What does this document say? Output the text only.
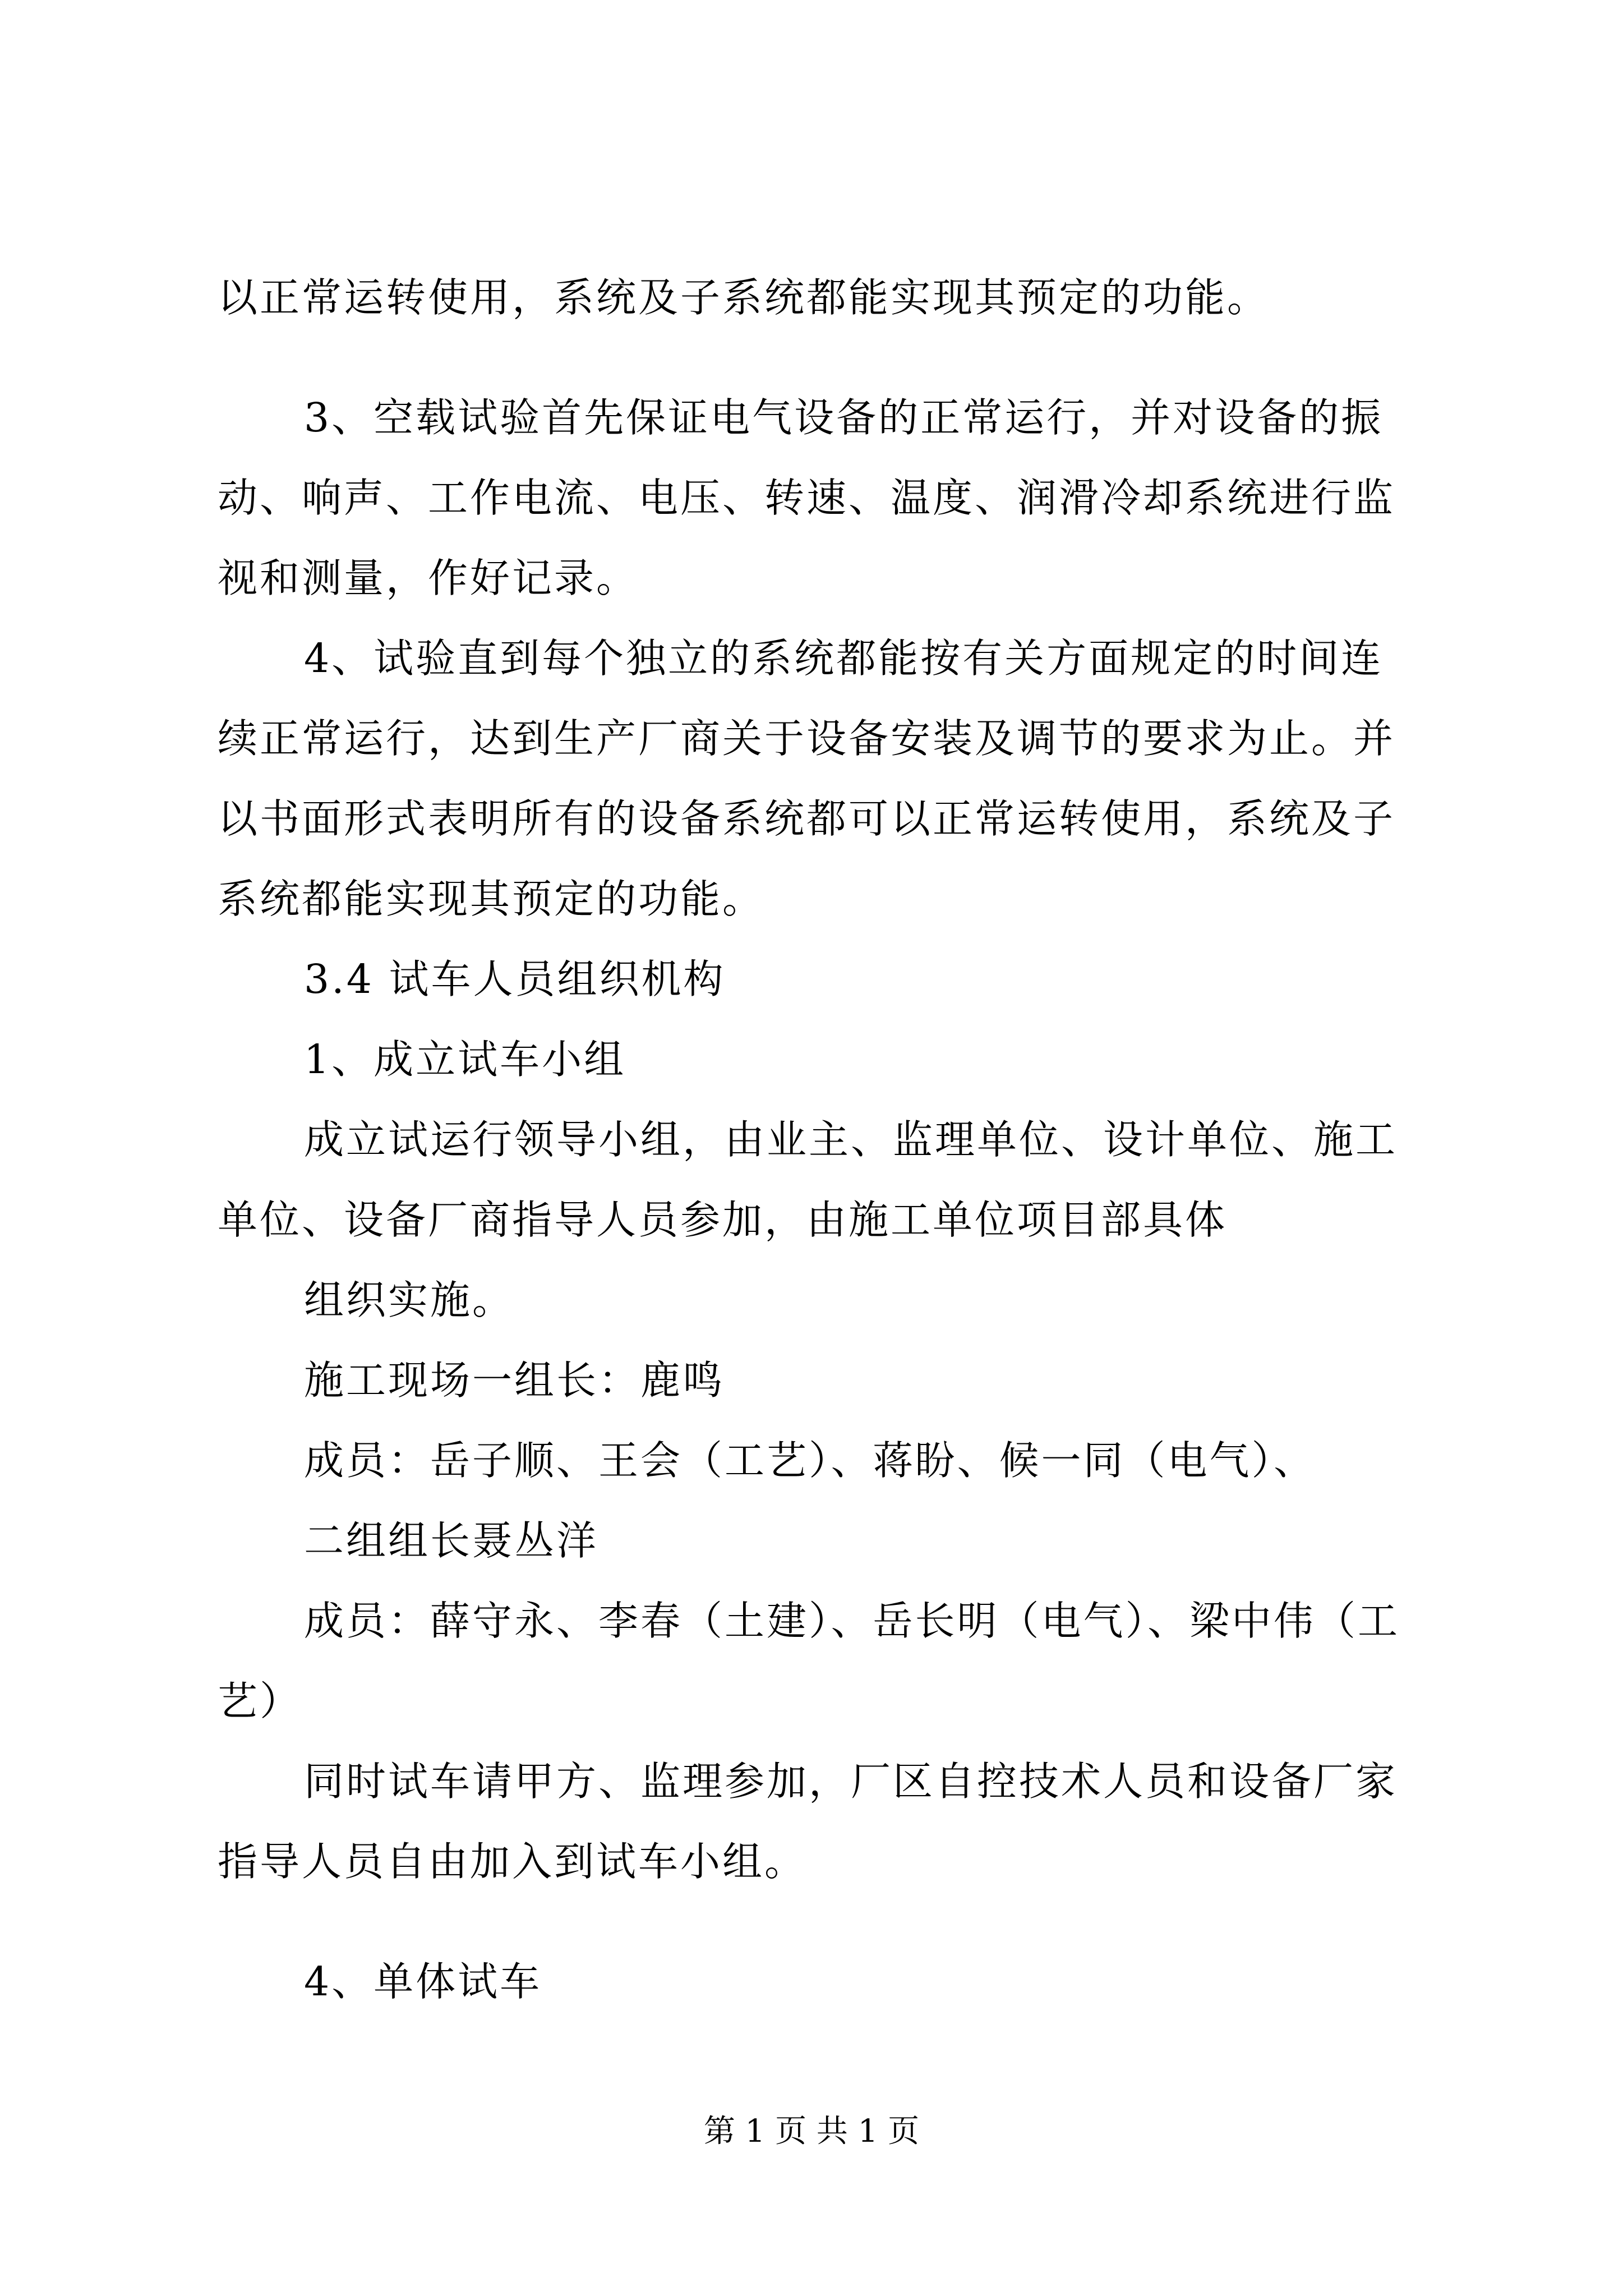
以正常运转使用，系统及子系统都能实现其预定的功能。
3、空载试验首先保证电气设备的正常运行，并对设备的振
动、响声、工作电流、电压、转速、温度、润滑冷却系统进行监
视和测量，作好记录。
4、试验直到每个独立的系统都能按有关方面规定的时间连
续正常运行，达到生产厂商关于设备安装及调节的要求为止。并
以书面形式表明所有的设备系统都可以正常运转使用，系统及子
系统都能实现其预定的功能。
3.4 试车人员组织机构
1、成立试车小组
成立试运行领导小组，由业主、监理单位、设计单位、施工
单位、设备厂商指导人员参加，由施工单位项目部具体
组织实施。
施工现场一组长：鹿鸣
成员：岳子顺、王会（工艺）、蒋盼、候一同（电气）、
二组组长聂丛洋
成员：薛守永、李春（土建）、岳长明（电气）、梁中伟（工
艺）
同时试车请甲方、监理参加，厂区自控技术人员和设备厂家
指导人员自由加入到试车小组。
4、单体试车
第 1 页 共 1 页
